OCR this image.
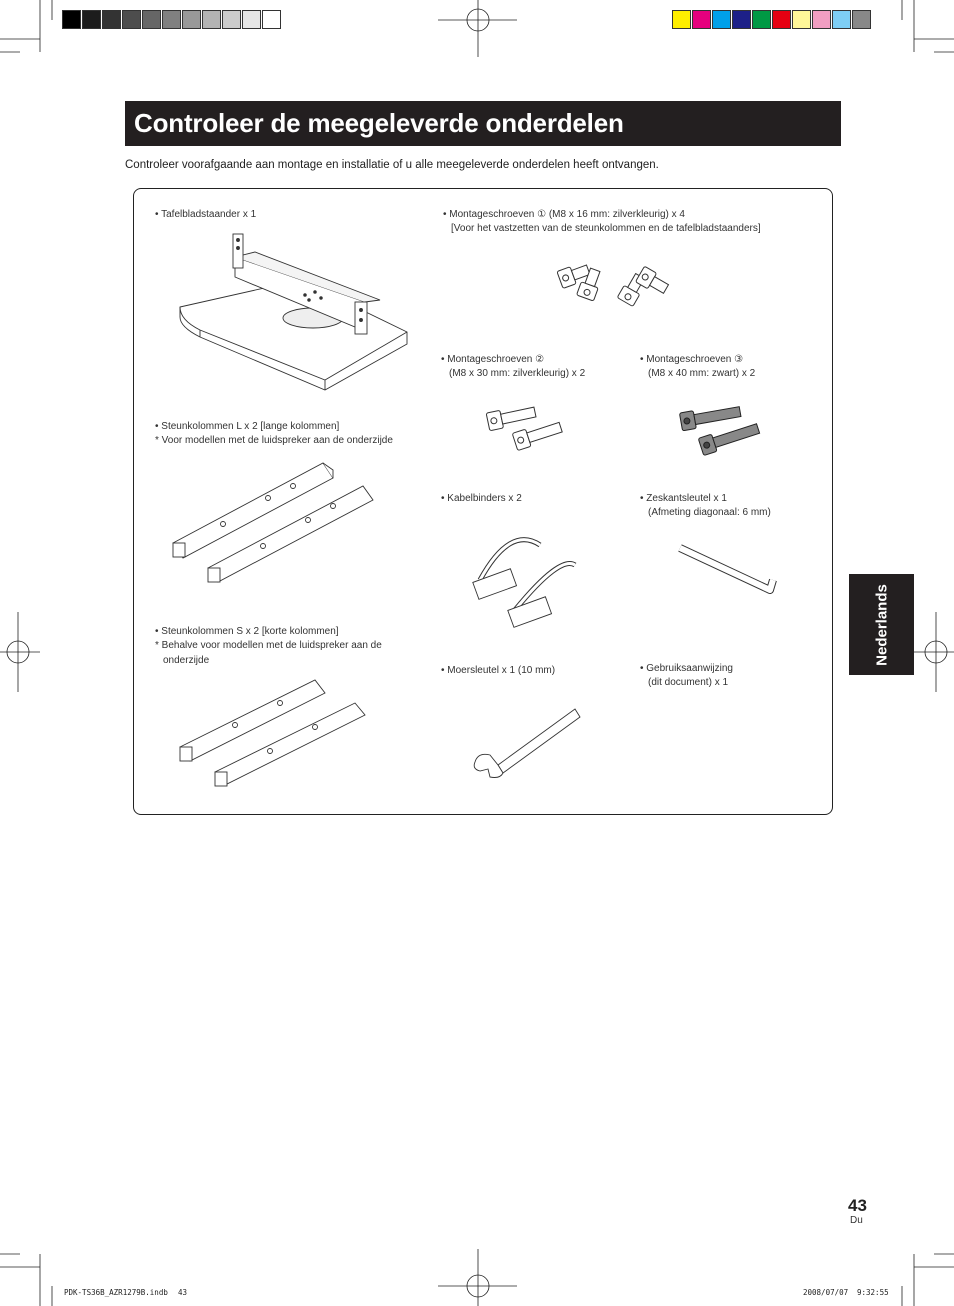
Controleer de meegeleverde onderdelen
Controleer voorafgaande aan montage en installatie of u alle meegeleverde onderdelen heeft ontvangen.
• Tafelbladstaander x 1	• Montageschroeven ① (M8 x 16 mm: zilverkleurig) x 4
[Voor het vastzetten van de steunkolommen en de tafelbladstaanders]
• Montageschroeven ②
(M8 x 30 mm: zilverkleurig) x 2
• Montageschroeven ③
(M8 x 40 mm: zwart) x 2
• Steunkolommen L x 2 [lange kolommen]
* Voor modellen met de luidspreker aan de onderzijde
• Kabelbinders x 2	• Zeskantsleutel x 1
(Afmeting diagonaal: 6 mm)
• Steunkolommen S x 2 [korte kolommen]
* Behalve voor modellen met de luidspreker aan de
onderzijde
• Moersleutel x 1 (10 mm)	• Gebruiksaanwijzing
(dit document) x 1
Nederlands
43
Du
PDK-TS36B_AZR1279B.indb 43	2008/07/07 9:32:55
